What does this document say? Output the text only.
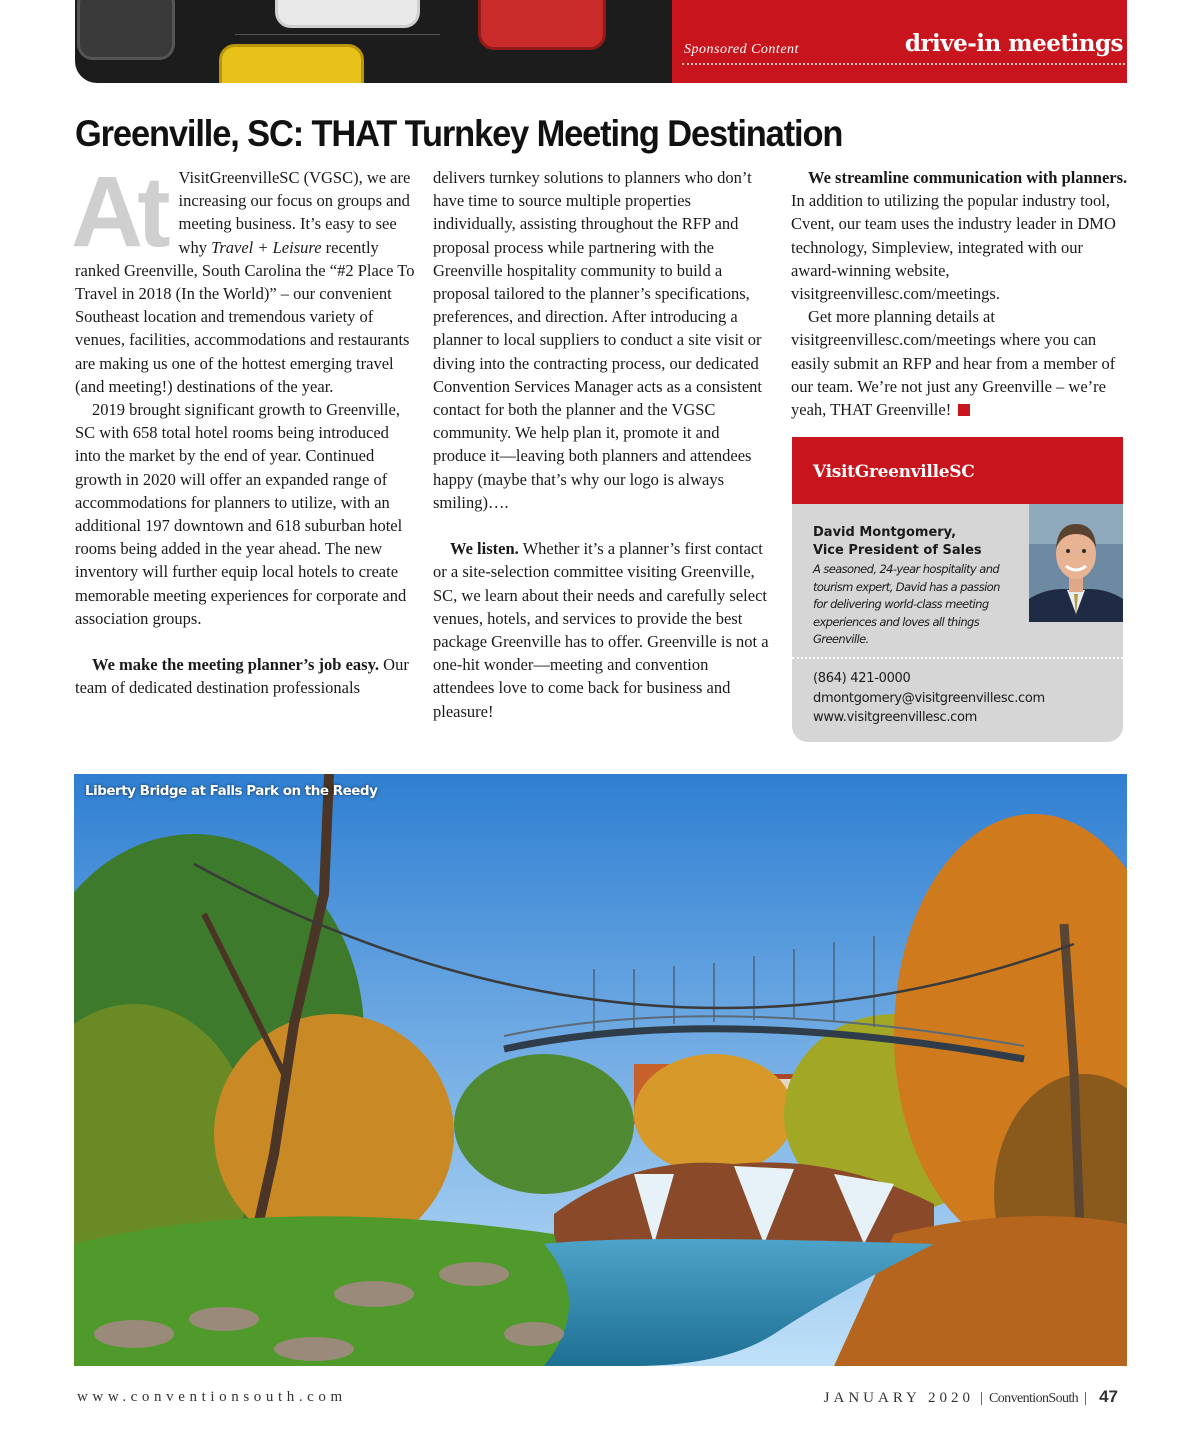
Sponsored Content	drive-in meetings
Greenville, SC: THAT Turnkey Meeting Destination

At VisitGreenvilleSC (VGSC), we are increasing our focus on groups and meeting business. It’s easy to see why Travel + Leisure recently ranked Greenville, South Carolina the “#2 Place To Travel in 2018 (In the World)” – our convenient Southeast location and tremendous variety of venues, facilities, accommodations and restaurants are making us one of the hottest emerging travel (and meeting!) destinations of the year.

2019 brought significant growth to Greenville, SC with 658 total hotel rooms being introduced into the market by the end of year. Continued growth in 2020 will offer an expanded range of accommodations for planners to utilize, with an additional 197 downtown and 618 suburban hotel rooms being added in the year ahead. The new inventory will further equip local hotels to create memorable meeting experiences for corporate and association groups.

We make the meeting planner’s job easy. Our team of dedicated destination professionals

delivers turnkey solutions to planners who don’t have time to source multiple properties individually, assisting throughout the RFP and proposal process while partnering with the Greenville hospitality community to build a proposal tailored to the planner’s specifications, preferences, and direction. After introducing a planner to local suppliers to conduct a site visit or diving into the contracting process, our dedicated Convention Services Manager acts as a consistent contact for both the planner and the VGSC community. We help plan it, promote it and produce it—leaving both planners and attendees happy (maybe that’s why our logo is always smiling)….

We listen. Whether it’s a planner’s first contact or a site-selection committee visiting Greenville, SC, we learn about their needs and carefully select venues, hotels, and services to provide the best package Greenville has to offer. Greenville is not a one-hit wonder—meeting and convention attendees love to come back for business and pleasure!

We streamline communication with planners. In addition to utilizing the popular industry tool, Cvent, our team uses the industry leader in DMO technology, Simpleview, integrated with our award-winning website, visitgreenvillesc.com/meetings.

Get more planning details at visitgreenvillesc.com/meetings where you can easily submit an RFP and hear from a member of our team. We’re not just any Greenville – we’re yeah, THAT Greenville!

VisitGreenvilleSC
David Montgomery,
Vice President of Sales
A seasoned, 24-year hospitality and tourism expert, David has a passion for delivering world-class meeting experiences and loves all things Greenville.
(864) 421-0000
dmontgomery@visitgreenvillesc.com
www.visitgreenvillesc.com
Liberty Bridge at Falls Park on the Reedy
www.conventionsouth.com	JANUARY 2020 | ConventionSouth | 47
